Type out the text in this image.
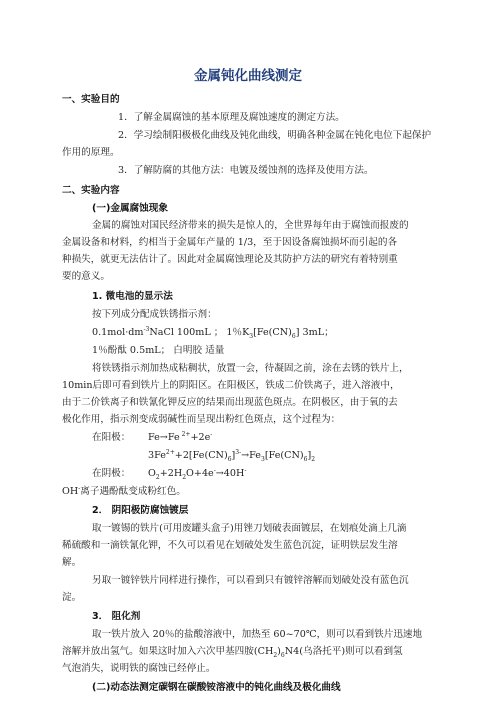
金属钝化曲线测定
一、实验目的
1．了解金属腐蚀的基本原理及腐蚀速度的测定方法。
2．学习绘制阳极极化曲线及钝化曲线，明确各种金属在钝化电位下起保护
作用的原理。
3．了解防腐的其他方法：电镀及缓蚀剂的选择及使用方法。
二、实验内容
(一)金属腐蚀现象
金属的腐蚀对国民经济带来的损失是惊人的，全世界每年由于腐蚀而报废的
金属设备和材料，约相当于金属年产量的 1/3，至于因设备腐蚀损坏而引起的各
种损失，就更无法估计了。因此对金属腐蚀理论及其防护方法的研究有着特别重
要的意义。
1. 微电池的显示法
按下列成分配成铁锈指示剂：
$0.1mol\cdot dm^{-3}NaCl$ 100mL ； 1％$K_3[Fe(CN)_6]$ 3mL；
1％酚酞 0.5mL； 白明胶 适量
将铁锈指示剂加热成粘稠状，放置一会，待凝固之前，涂在去锈的铁片上，
10min后即可看到铁片上的阴阳区。在阳极区，铁成二价铁离子，进入溶液中，
由于二价铁离子和铁氰化钾反应的结果而出现蓝色斑点。在阴极区，由于氧的去
极化作用，指示剂变成弱碱性而呈现出粉红色斑点，这个过程为：
在阳极： Fe→Fe $^{2+}$+2e-
$3Fe^{2+}+2[Fe(CN)_6]^{3-}\to Fe_3[Fe(CN)_6]_2$
在阴极： $O_2+2H_2O+4e^-\to 40H^-$
OH-离子遇酚酞变成粉红色。
2． 阴阳极防腐蚀镀层
取一镀锡的铁片(可用废罐头盒子)用锉刀划破表面镀层，在划痕处滴上几滴
稀硫酸和一滴铁氰化钾，不久可以看见在划破处发生蓝色沉淀，证明铁层发生溶
解。
另取一镀锌铁片同样进行操作，可以看到只有镀锌溶解而划破处没有蓝色沉
淀。
3． 阻化剂
取一铁片放入 20％的盐酸溶液中，加热至 60~70℃，则可以看到铁片迅速地
溶解并放出氢气。如果这时加入六次甲基四胺$(CH_2)_6N4$(乌洛托平)则可以看到氢
气泡消失，说明铁的腐蚀已经停止。
(二)动态法测定碳钢在碳酸铵溶液中的钝化曲线及极化曲线
